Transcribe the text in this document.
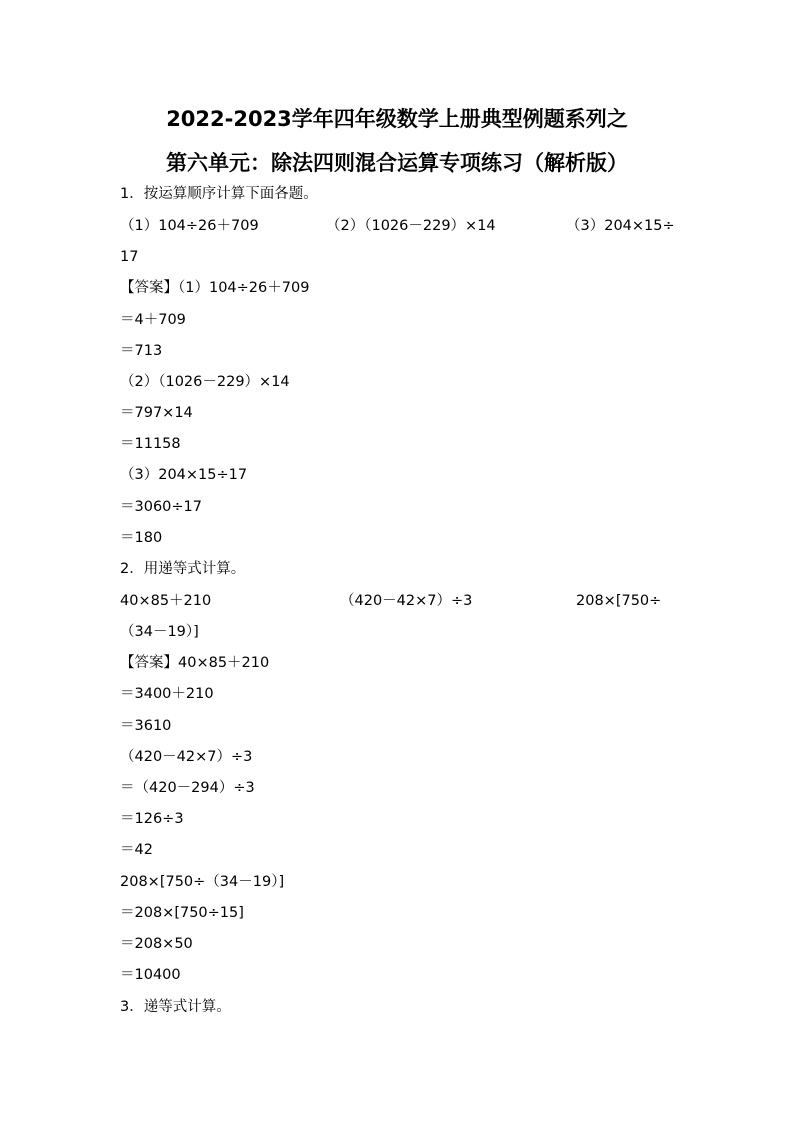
2022-2023学年四年级数学上册典型例题系列之
第六单元：除法四则混合运算专项练习（解析版）
1．按运算顺序计算下面各题。
（1）104÷26＋709	（2）（1026－229）×14	（3）204×15÷
17
【答案】（1）104÷26＋709
＝4＋709
＝713
（2）（1026－229）×14
＝797×14
＝11158
（3）204×15÷17
＝3060÷17
＝180
2．用递等式计算。
40×85＋210	（420－42×7）÷3	208×[750÷
（34－19）]
【答案】40×85＋210
＝3400＋210
＝3610
（420－42×7）÷3
＝（420－294）÷3
＝126÷3
＝42
208×[750÷（34－19）]
＝208×[750÷15]
＝208×50
＝10400
3．递等式计算。
